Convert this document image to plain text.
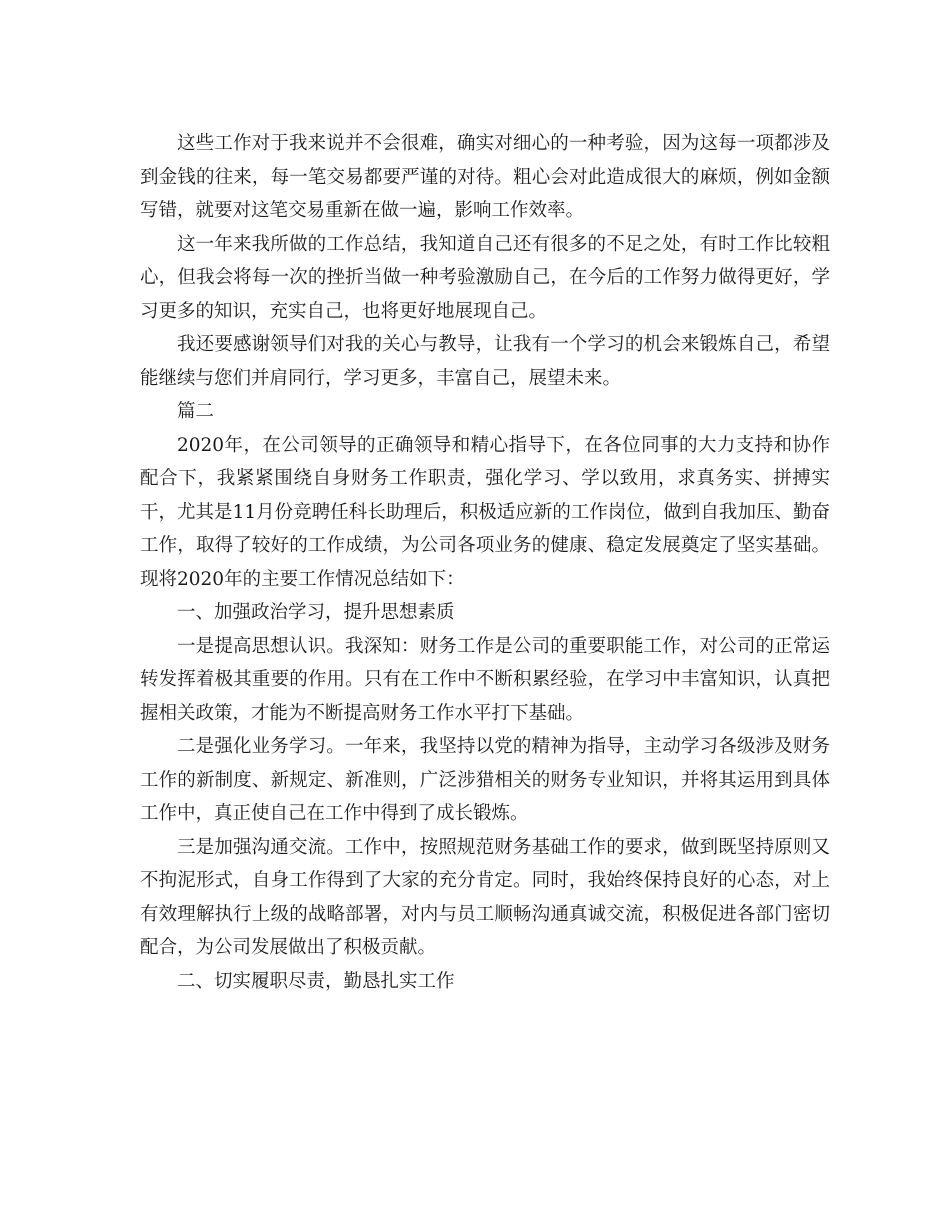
这些工作对于我来说并不会很难，确实对细心的一种考验，因为这每一项都涉及到金钱的往来，每一笔交易都要严谨的对待。粗心会对此造成很大的麻烦，例如金额写错，就要对这笔交易重新在做一遍，影响工作效率。

这一年来我所做的工作总结，我知道自己还有很多的不足之处，有时工作比较粗心，但我会将每一次的挫折当做一种考验激励自己，在今后的工作努力做得更好，学习更多的知识，充实自己，也将更好地展现自己。

我还要感谢领导们对我的关心与教导，让我有一个学习的机会来锻炼自己，希望能继续与您们并肩同行，学习更多，丰富自己，展望未来。

篇二

2020年，在公司领导的正确领导和精心指导下，在各位同事的大力支持和协作配合下，我紧紧围绕自身财务工作职责，强化学习、学以致用，求真务实、拼搏实干，尤其是11月份竞聘任科长助理后，积极适应新的工作岗位，做到自我加压、勤奋工作，取得了较好的工作成绩，为公司各项业务的健康、稳定发展奠定了坚实基础。现将2020年的主要工作情况总结如下：

一、加强政治学习，提升思想素质

一是提高思想认识。我深知：财务工作是公司的重要职能工作，对公司的正常运转发挥着极其重要的作用。只有在工作中不断积累经验，在学习中丰富知识，认真把握相关政策，才能为不断提高财务工作水平打下基础。

二是强化业务学习。一年来，我坚持以党的精神为指导，主动学习各级涉及财务工作的新制度、新规定、新准则，广泛涉猎相关的财务专业知识，并将其运用到具体工作中，真正使自己在工作中得到了成长锻炼。

三是加强沟通交流。工作中，按照规范财务基础工作的要求，做到既坚持原则又不拘泥形式，自身工作得到了大家的充分肯定。同时，我始终保持良好的心态，对上有效理解执行上级的战略部署，对内与员工顺畅沟通真诚交流，积极促进各部门密切配合，为公司发展做出了积极贡献。

二、切实履职尽责，勤恳扎实工作
